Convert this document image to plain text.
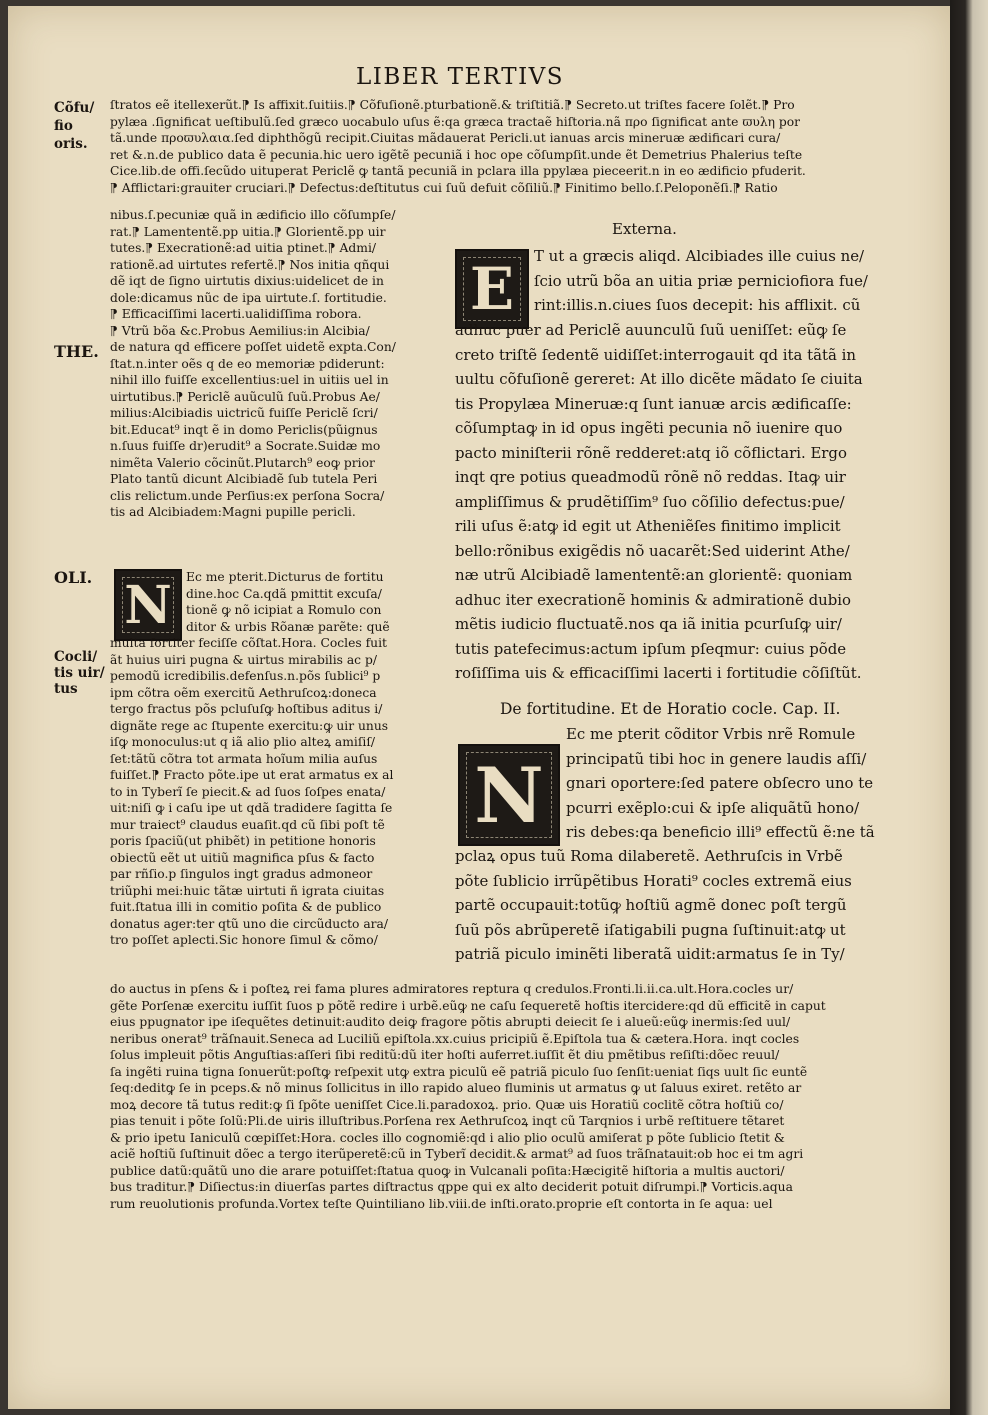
LIBER TERTIVS
Cõfu/
fio
oris.
THE.
OLI.
Cocli/
tis uir/
tus
ſtratos eẽ itellexerũt.⁋ Is affixit.ſuitiis.⁋ Cõfuſionẽ.pturbationẽ.& triſtitiã.⁋ Secreto.ut triſtes facere ſolẽt.⁋ Pro
pylæa .ſignificat ueſtibulũ.ſed græco uocabulo uſus ẽ:qa græca tractaẽ hiſtoria.nã προ ſignificat ante ϖυλη por
tã.unde προϖυλαια.ſed diphthõgũ recipit.Ciuitas mãdauerat Pericli.ut ianuas arcis mineruæ ædificari cura/
ret &.n.de publico data ẽ pecunia.hic uero igẽtẽ pecuniã i hoc ope cõſumpſit.unde ẽt Demetrius Phalerius teſte
Cice.lib.de offi.ſecũdo uituperat Periclẽ ꝙ tantã pecuniã in pclara illa ppylæa pieceerit.n in eo ædificio pfuderit.
⁋ Afflictari:grauiter cruciari.⁋ Defectus:deſtitutus cui ſuũ defuit cõſiliũ.⁋ Finitimo bello.ſ.Peloponẽſi.⁋ Ratio
nibus.ſ.pecuniæ quã in ædificio illo cõſumpſe/
rat.⁋ Lamententẽ.pp uitia.⁋ Glorientẽ.pp uir
tutes.⁋ Execrationẽ:ad uitia ptinet.⁋ Admi/
rationẽ.ad uirtutes refertẽ.⁋ Nos initia qñqui
dẽ iqt de ſigno uirtutis dixius:uidelicet de in
dole:dicamus nũc de ipa uirtute.ſ. fortitudie.
⁋ Efficaciſſimi lacerti.ualidiſſima robora.
⁋ Vtrũ bõa &c.Probus Aemilius:in Alcibia/
de natura qd efficere poſſet uidetẽ expta.Con/
ſtat.n.inter oẽs q de eo memoriæ pdiderunt:
nihil illo fuiſſe excellentius:uel in uitiis uel in
uirtutibus.⁋ Periclẽ auũculũ ſuũ.Probus Ae/
milius:Alcibiadis uictricũ fuiſſe Periclẽ ſcri/
bit.Educat⁹ inqt ẽ in domo Periclis(pũignus
n.ſuus fuiſſe dr)erudit⁹ a Socrate.Suidæ mo
nimẽta Valerio cõcinũt.Plutarch⁹ eoꝙ prior
Plato tantũ dicunt Alcibiadẽ ſub tutela Peri
clis relictum.unde Perſius:ex perſona Socra/
tis ad Alcibiadem:Magni pupille pericli.
N Ec me pterit.Dicturus de fortitu
dine.hoc Ca.qdã pmittit excuſa/
tionẽ ꝙ nõ icipiat a Romulo con
ditor & urbis Rõanæ parẽte: quẽ
multa fortiter feciſſe cõſtat.Hora. Cocles fuit
ãt huius uiri pugna & uirtus mirabilis ac p/
pemodũ icredibilis.defenſus.n.põs ſublici⁹ p
ipm cõtra oẽm exercitũ Aethruſcoꝝ:doneca
tergo fractus põs pcluſuſꝙ hoſtibus aditus i/
dignãte rege ac ſtupente exercitu:ꝙ uir unus
iſꝙ monoculus:ut q iã alio plio alteꝝ amiſiſ/
ſet:tãtũ cõtra tot armata hoĩum milia auſus
fuiſſet.⁋ Fracto põte.ipe ut erat armatus ex al
to in Tyberĩ ſe piecit.& ad ſuos ſoſpes enata/
uit:niſi ꝙ i caſu ipe ut qdã tradidere ſagitta ſe
mur traiect⁹ claudus euaſit.qd cũ ſibi poſt tẽ
poris ſpaciũ(ut phibẽt) in petitione honoris
obiectũ eẽt ut uitiũ magnifica pſus & facto
par rñſio.p ſingulos ingt gradus admoneor
triũphi mei:huic tãtæ uirtuti ñ igrata ciuitas
fuit.ſtatua illi in comitio poſita & de publico
donatus ager:ter qtũ uno die circũducto ara/
tro poſſet aplecti.Sic honore ſimul & cõmo/
Externa.
E T ut a græcis aliqd. Alcibiades ille cuius ne/
ſcio utrũ bõa an uitia priæ perniciofiora fue/
rint:illis.n.ciues ſuos decepit: his afflixit. cũ
adhuc puer ad Periclẽ auunculũ ſuũ ueniſſet: eũꝙ ſe
creto triſtẽ ſedentẽ uidiſſet:interrogauit qd ita tãtã in
uultu cõfuſionẽ gereret: At illo dicẽte mãdato ſe ciuita
tis Propylæa Mineruæ:q ſunt ianuæ arcis ædificaſſe:
cõſumptaꝙ in id opus ingẽti pecunia nõ iuenire quo
pacto miniſterii rõnẽ redderet:atq iõ cõflictari. Ergo
inqt qre potius queadmodũ rõnẽ nõ reddas. Itaꝙ uir
ampliſſimus & prudẽtiſſim⁹ ſuo cõſilio defectus:pue/
rili uſus ẽ:atꝙ id egit ut Atheniẽſes finitimo implicit
bello:rõnibus exigẽdis nõ uacarẽt:Sed uiderint Athe/
næ utrũ Alcibiadẽ lamententẽ:an glorientẽ: quoniam
adhuc iter execrationẽ hominis & admirationẽ dubio
mẽtis iudicio fluctuatẽ.nos qa iã initia pcurſuſꝙ uir/
tutis patefecimus:actum ipſum pſeqmur: cuius põde
roſiſſima uis & efficaciſſimi lacerti i fortitudie cõſiſtũt.
De fortitudine. Et de Horatio cocle. Cap. II.
N
Ec me pterit cõditor Vrbis nrẽ Romule
principatũ tibi hoc in genere laudis aſſi/
gnari oportere:ſed patere obſecro uno te
pcurri exẽplo:cui & ipſe aliquãtũ hono/
ris debes:qa beneficio illi⁹ effectũ ẽ:ne tã
pclaꝝ opus tuũ Roma dilaberetẽ. Aethruſcis in Vrbẽ
põte ſublicio irrũpẽtibus Horati⁹ cocles extremã eius
partẽ occupauit:totũꝙ hoſtiũ agmẽ donec poſt tergũ
ſuũ põs abrũperetẽ iſatigabili pugna ſuſtinuit:atꝙ ut
patriã piculo iminẽti liberatã uidit:armatus ſe in Ty/
do auctus in pſens & i poſteꝝ rei fama plures admiratores reptura q credulos.Fronti.li.ii.ca.ult.Hora.cocles ur/
gẽte Porſenæ exercitu iuſſit ſuos p põtẽ redire i urbẽ.eũꝙ ne caſu ſequeretẽ hoſtis itercidere:qd dũ efficitẽ in caput
eius ppugnator ipe iſequẽtes detinuit:audito deiꝙ fragore põtis abrupti deiecit ſe i alueũ:eũꝙ inermis:ſed uul/
neribus onerat⁹ trãſnauit.Seneca ad Luciliũ epiſtola.xx.cuius pricipiũ ẽ.Epiſtola tua & cætera.Hora. inqt cocles
ſolus impleuit põtis Anguſtias:aſſeri ſibi reditũ:dũ iter hoſti auferret.iuſſit ẽt diu pmẽtibus reſiſti:dõec reuul/
ſa ingẽti ruina tigna ſonuerũt:poſtꝙ reſpexit utꝙ extra piculũ eẽ patriã piculo ſuo ſenſit:ueniat ſiqs uult ſic euntẽ
ſeq:deditꝙ ſe in pceps.& nõ minus ſollicitus in illo rapido alueo fluminis ut armatus ꝙ ut ſaluus exiret. retẽto ar
moꝝ decore tã tutus redit:ꝙ ſi ſpõte ueniſſet Cice.li.paradoxoꝝ. prio. Quæ uis Horatiũ coclitẽ cõtra hoſtiũ co/
pias tenuit i põte ſolũ:Pli.de uiris illuſtribus.Porſena rex Aethruſcoꝝ inqt cũ Tarqnios i urbẽ reſtituere tẽtaret
& prio ipetu Ianiculũ cœpiſſet:Hora. cocles illo cognomiẽ:qd i alio plio oculũ amiſerat p põte ſublicio ſtetit &
aciẽ hoſtiũ ſuſtinuit dõec a tergo iterũperetẽ:cũ in Tyberĩ decidit.& armat⁹ ad ſuos trãſnatauit:ob hoc ei tm agri
publice datũ:quãtũ uno die arare potuiſſet:ſtatua quoꝙ in Vulcanali poſita:Hæcigitẽ hiſtoria a multis auctori/
bus traditur.⁋ Diſiectus:in diuerſas partes diſtractus qppe qui ex alto deciderit potuit diſrumpi.⁋ Vorticis.aqua
rum reuolutionis profunda.Vortex teſte Quintiliano lib.viii.de inſti.orato.proprie eſt contorta in ſe aqua: uel
